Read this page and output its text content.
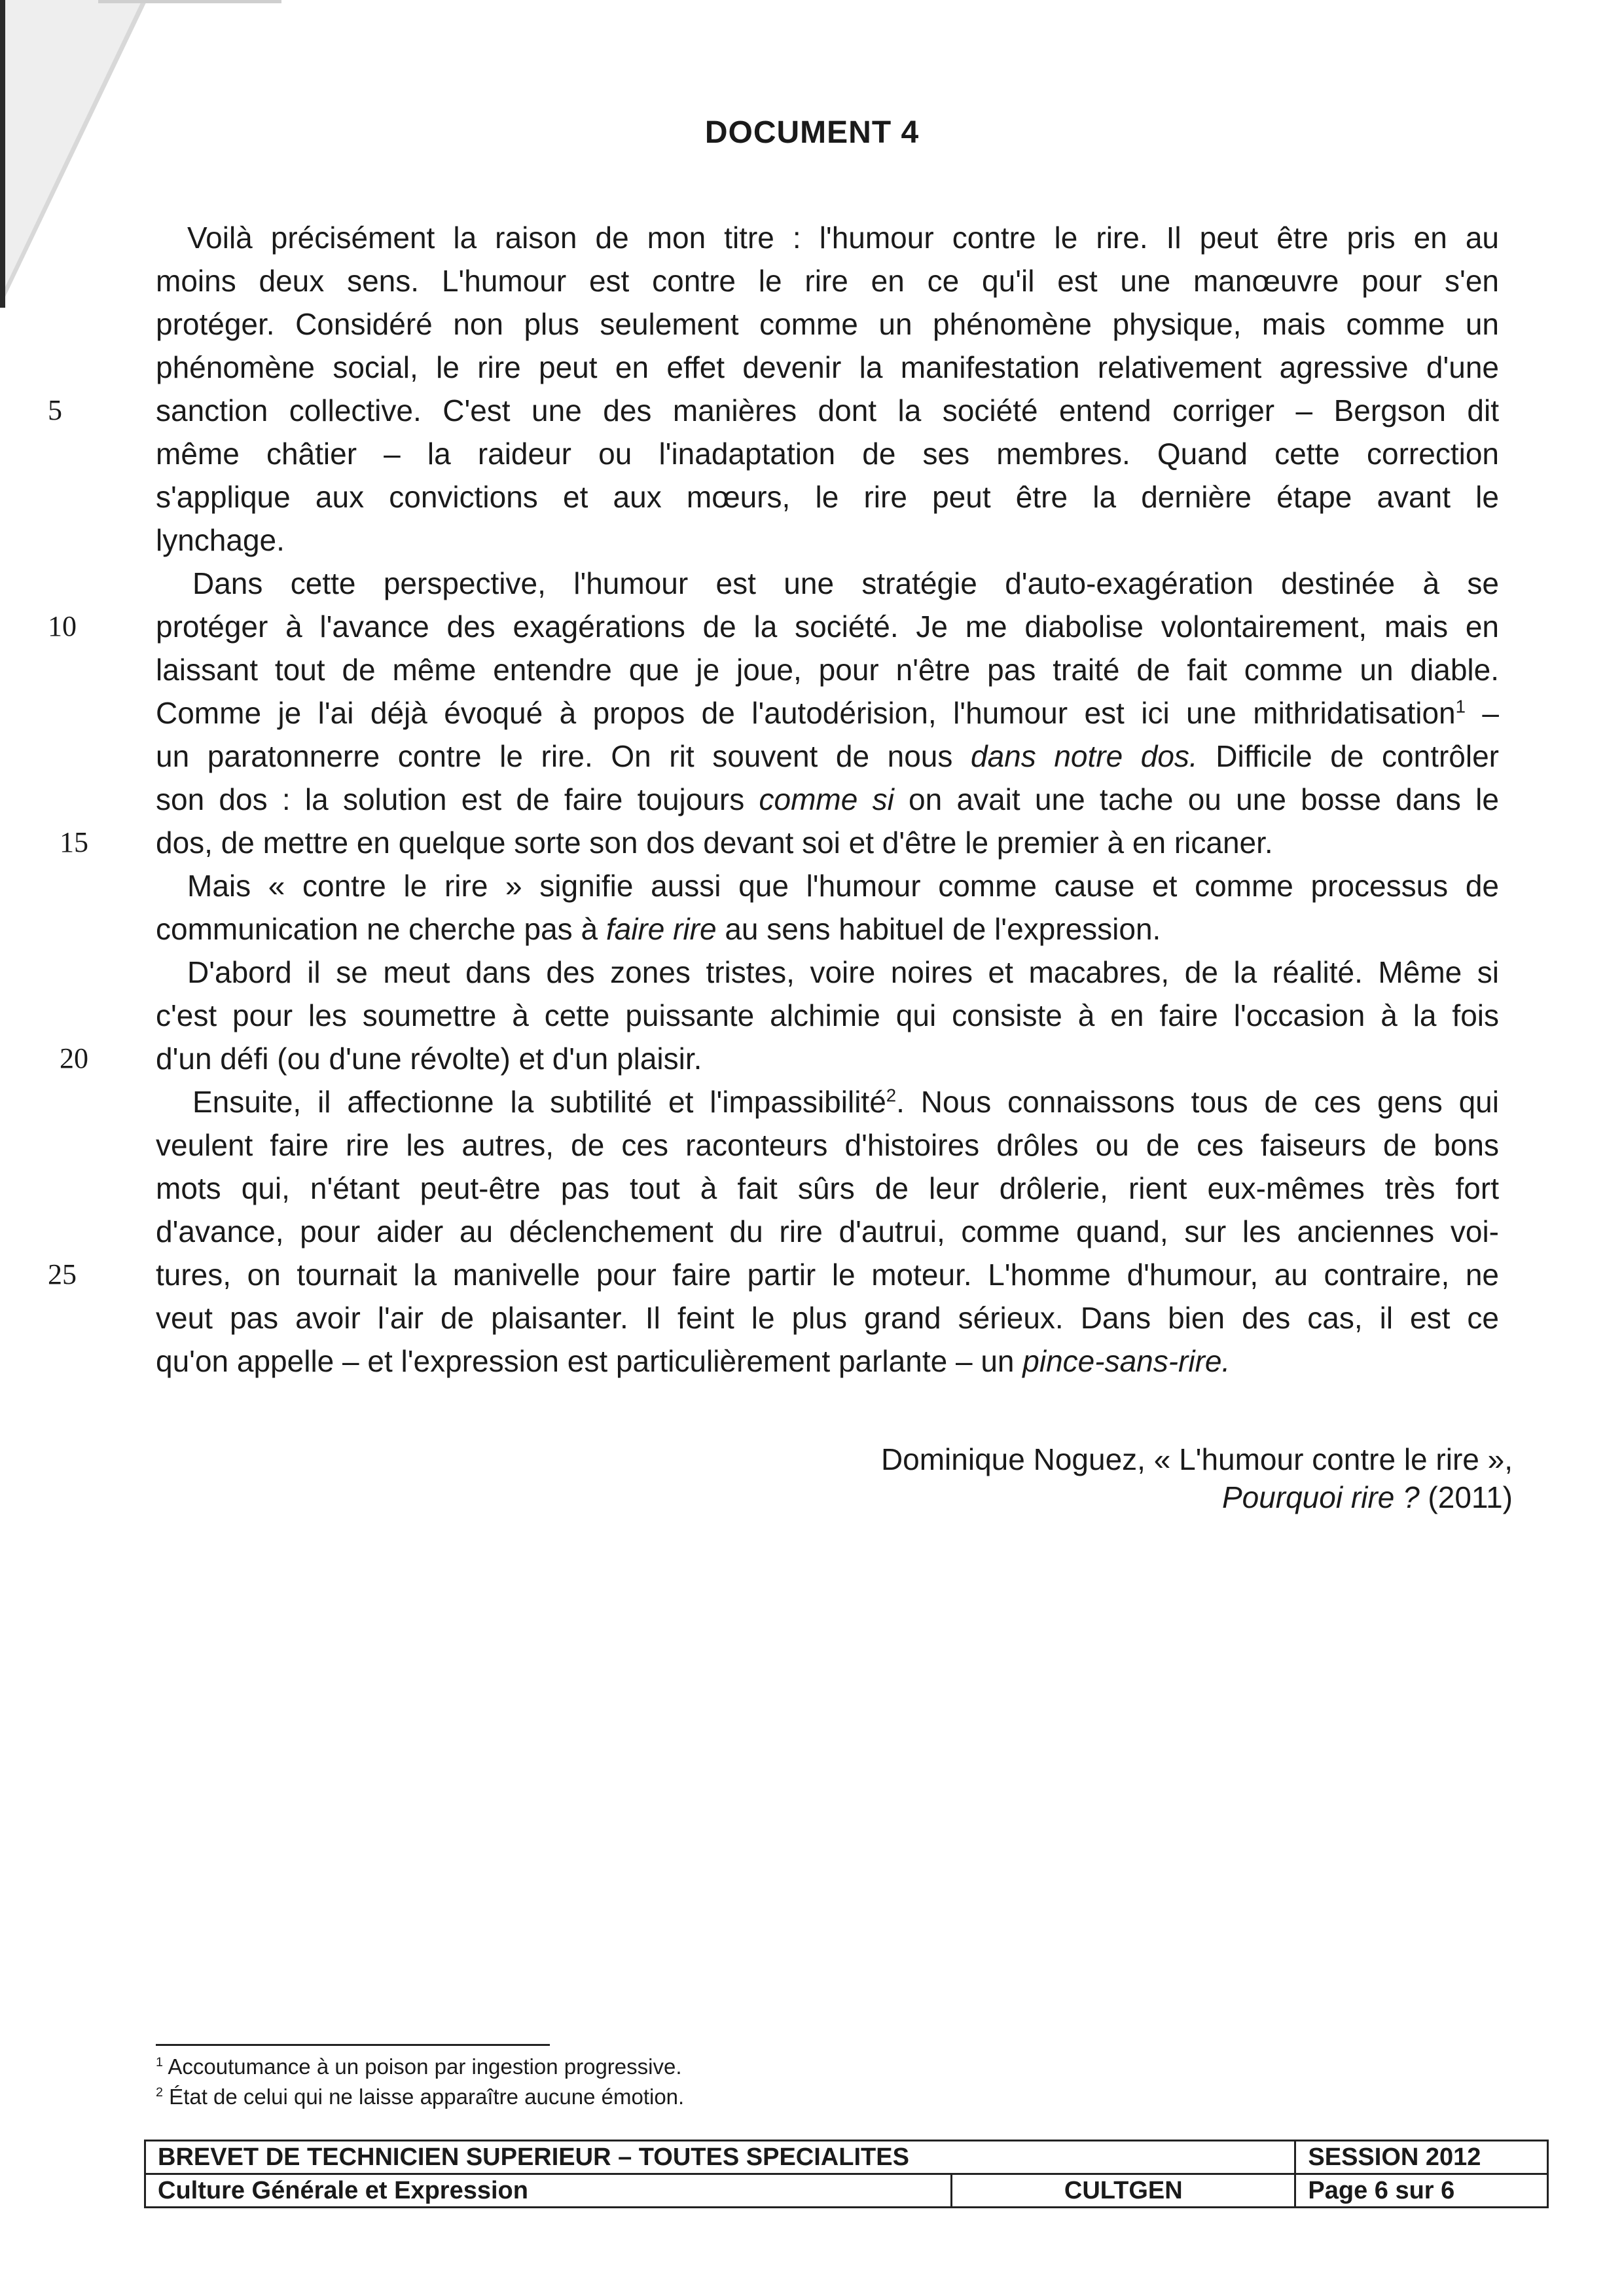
DOCUMENT 4
Voilà précisément la raison de mon titre : l'humour contre le rire. Il peut être pris en au
moins deux sens. L'humour est contre le rire en ce qu'il est une manœuvre pour s'en
protéger. Considéré non plus seulement comme un phénomène physique, mais comme un
phénomène social, le rire peut en effet devenir la manifestation relativement agressive d'une
5	sanction collective. C'est une des manières dont la société entend corriger – Bergson dit
même châtier – la raideur ou l'inadaptation de ses membres. Quand cette correction
s'applique aux convictions et aux mœurs, le rire peut être la dernière étape avant le
lynchage.
Dans cette perspective, l'humour est une stratégie d'auto-exagération destinée à se
10	protéger à l'avance des exagérations de la société. Je me diabolise volontairement, mais en
laissant tout de même entendre que je joue, pour n'être pas traité de fait comme un diable.
Comme je l'ai déjà évoqué à propos de l'autodérision, l'humour est ici une mithridatisation$^1$ –
un paratonnerre contre le rire. On rit souvent de nous dans notre dos. Difficile de contrôler
son dos : la solution est de faire toujours comme si on avait une tache ou une bosse dans le
15	dos, de mettre en quelque sorte son dos devant soi et d'être le premier à en ricaner.
Mais « contre le rire » signifie aussi que l'humour comme cause et comme processus de
communication ne cherche pas à faire rire au sens habituel de l'expression.
D'abord il se meut dans des zones tristes, voire noires et macabres, de la réalité. Même si
c'est pour les soumettre à cette puissante alchimie qui consiste à en faire l'occasion à la fois
20	d'un défi (ou d'une révolte) et d'un plaisir.
Ensuite, il affectionne la subtilité et l'impassibilité$^2$. Nous connaissons tous de ces gens qui
veulent faire rire les autres, de ces raconteurs d'histoires drôles ou de ces faiseurs de bons
mots qui, n'étant peut-être pas tout à fait sûrs de leur drôlerie, rient eux-mêmes très fort
d'avance, pour aider au déclenchement du rire d'autrui, comme quand, sur les anciennes voi-
25	tures, on tournait la manivelle pour faire partir le moteur. L'homme d'humour, au contraire, ne
veut pas avoir l'air de plaisanter. Il feint le plus grand sérieux. Dans bien des cas, il est ce
qu'on appelle – et l'expression est particulièrement parlante – un pince-sans-rire.
Dominique Noguez, « L'humour contre le rire »,
Pourquoi rire ? (2011)
$^1$ Accoutumance à un poison par ingestion progressive.
$^2$ État de celui qui ne laisse apparaître aucune émotion.
BREVET DE TECHNICIEN SUPERIEUR – TOUTES SPECIALITES		SESSION 2012
Culture Générale et Expression	CULTGEN	Page 6 sur 6
